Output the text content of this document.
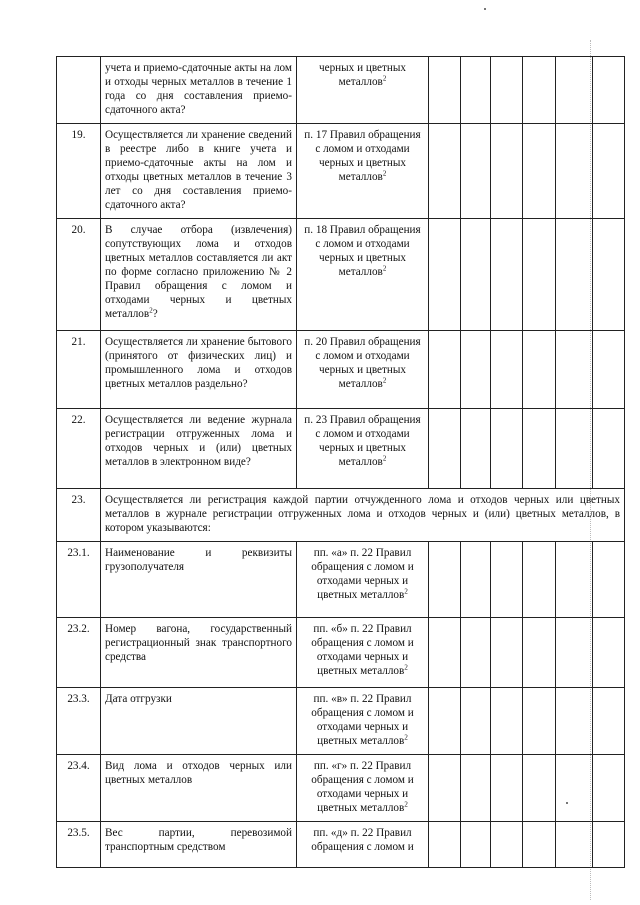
	учета и приемо-сдаточные акты на лом и отходы черных металлов в течение 1 года со дня составления приемо-сдаточного акта?	черных и цветных металлов$^2$						
19.	Осуществляется ли хранение сведений в реестре либо в книге учета и приемо-сдаточные акты на лом и отходы цветных металлов в течение 3 лет со дня составления приемо-сдаточного акта?	п. 17 Правил обращения с ломом и отходами черных и цветных металлов$^2$						
20.	В случае отбора (извлечения) сопутствующих лома и отходов цветных металлов составляется ли акт по форме согласно приложению № 2 Правил обращения с ломом и отходами черных и цветных металлов$^2$?	п. 18 Правил обращения с ломом и отходами черных и цветных металлов$^2$						
21.	Осуществляется ли хранение бытового (принятого от физических лиц) и промышленного лома и отходов цветных металлов раздельно?	п. 20 Правил обращения с ломом и отходами черных и цветных металлов$^2$						
22.	Осуществляется ли ведение журнала регистрации отгруженных лома и отходов черных и (или) цветных металлов в электронном виде?	п. 23 Правил обращения с ломом и отходами черных и цветных металлов$^2$						
23.	Осуществляется ли регистрация каждой партии отчужденного лома и отходов черных или цветных металлов в журнале регистрации отгруженных лома и отходов черных и (или) цветных металлов, в котором указываются:							
23.1.	Наименование и реквизиты грузополучателя	пп. «а» п. 22 Правил обращения с ломом и отходами черных и цветных металлов$^2$						
23.2.	Номер вагона, государственный регистрационный знак транспортного средства	пп. «б» п. 22 Правил обращения с ломом и отходами черных и цветных металлов$^2$						
23.3.	Дата отгрузки	пп. «в» п. 22 Правил обращения с ломом и отходами черных и цветных металлов$^2$						
23.4.	Вид лома и отходов черных или цветных металлов	пп. «г» п. 22 Правил обращения с ломом и отходами черных и цветных металлов$^2$						
23.5.	Вес партии, перевозимой транспортным средством	пп. «д» п. 22 Правил обращения с ломом и						
